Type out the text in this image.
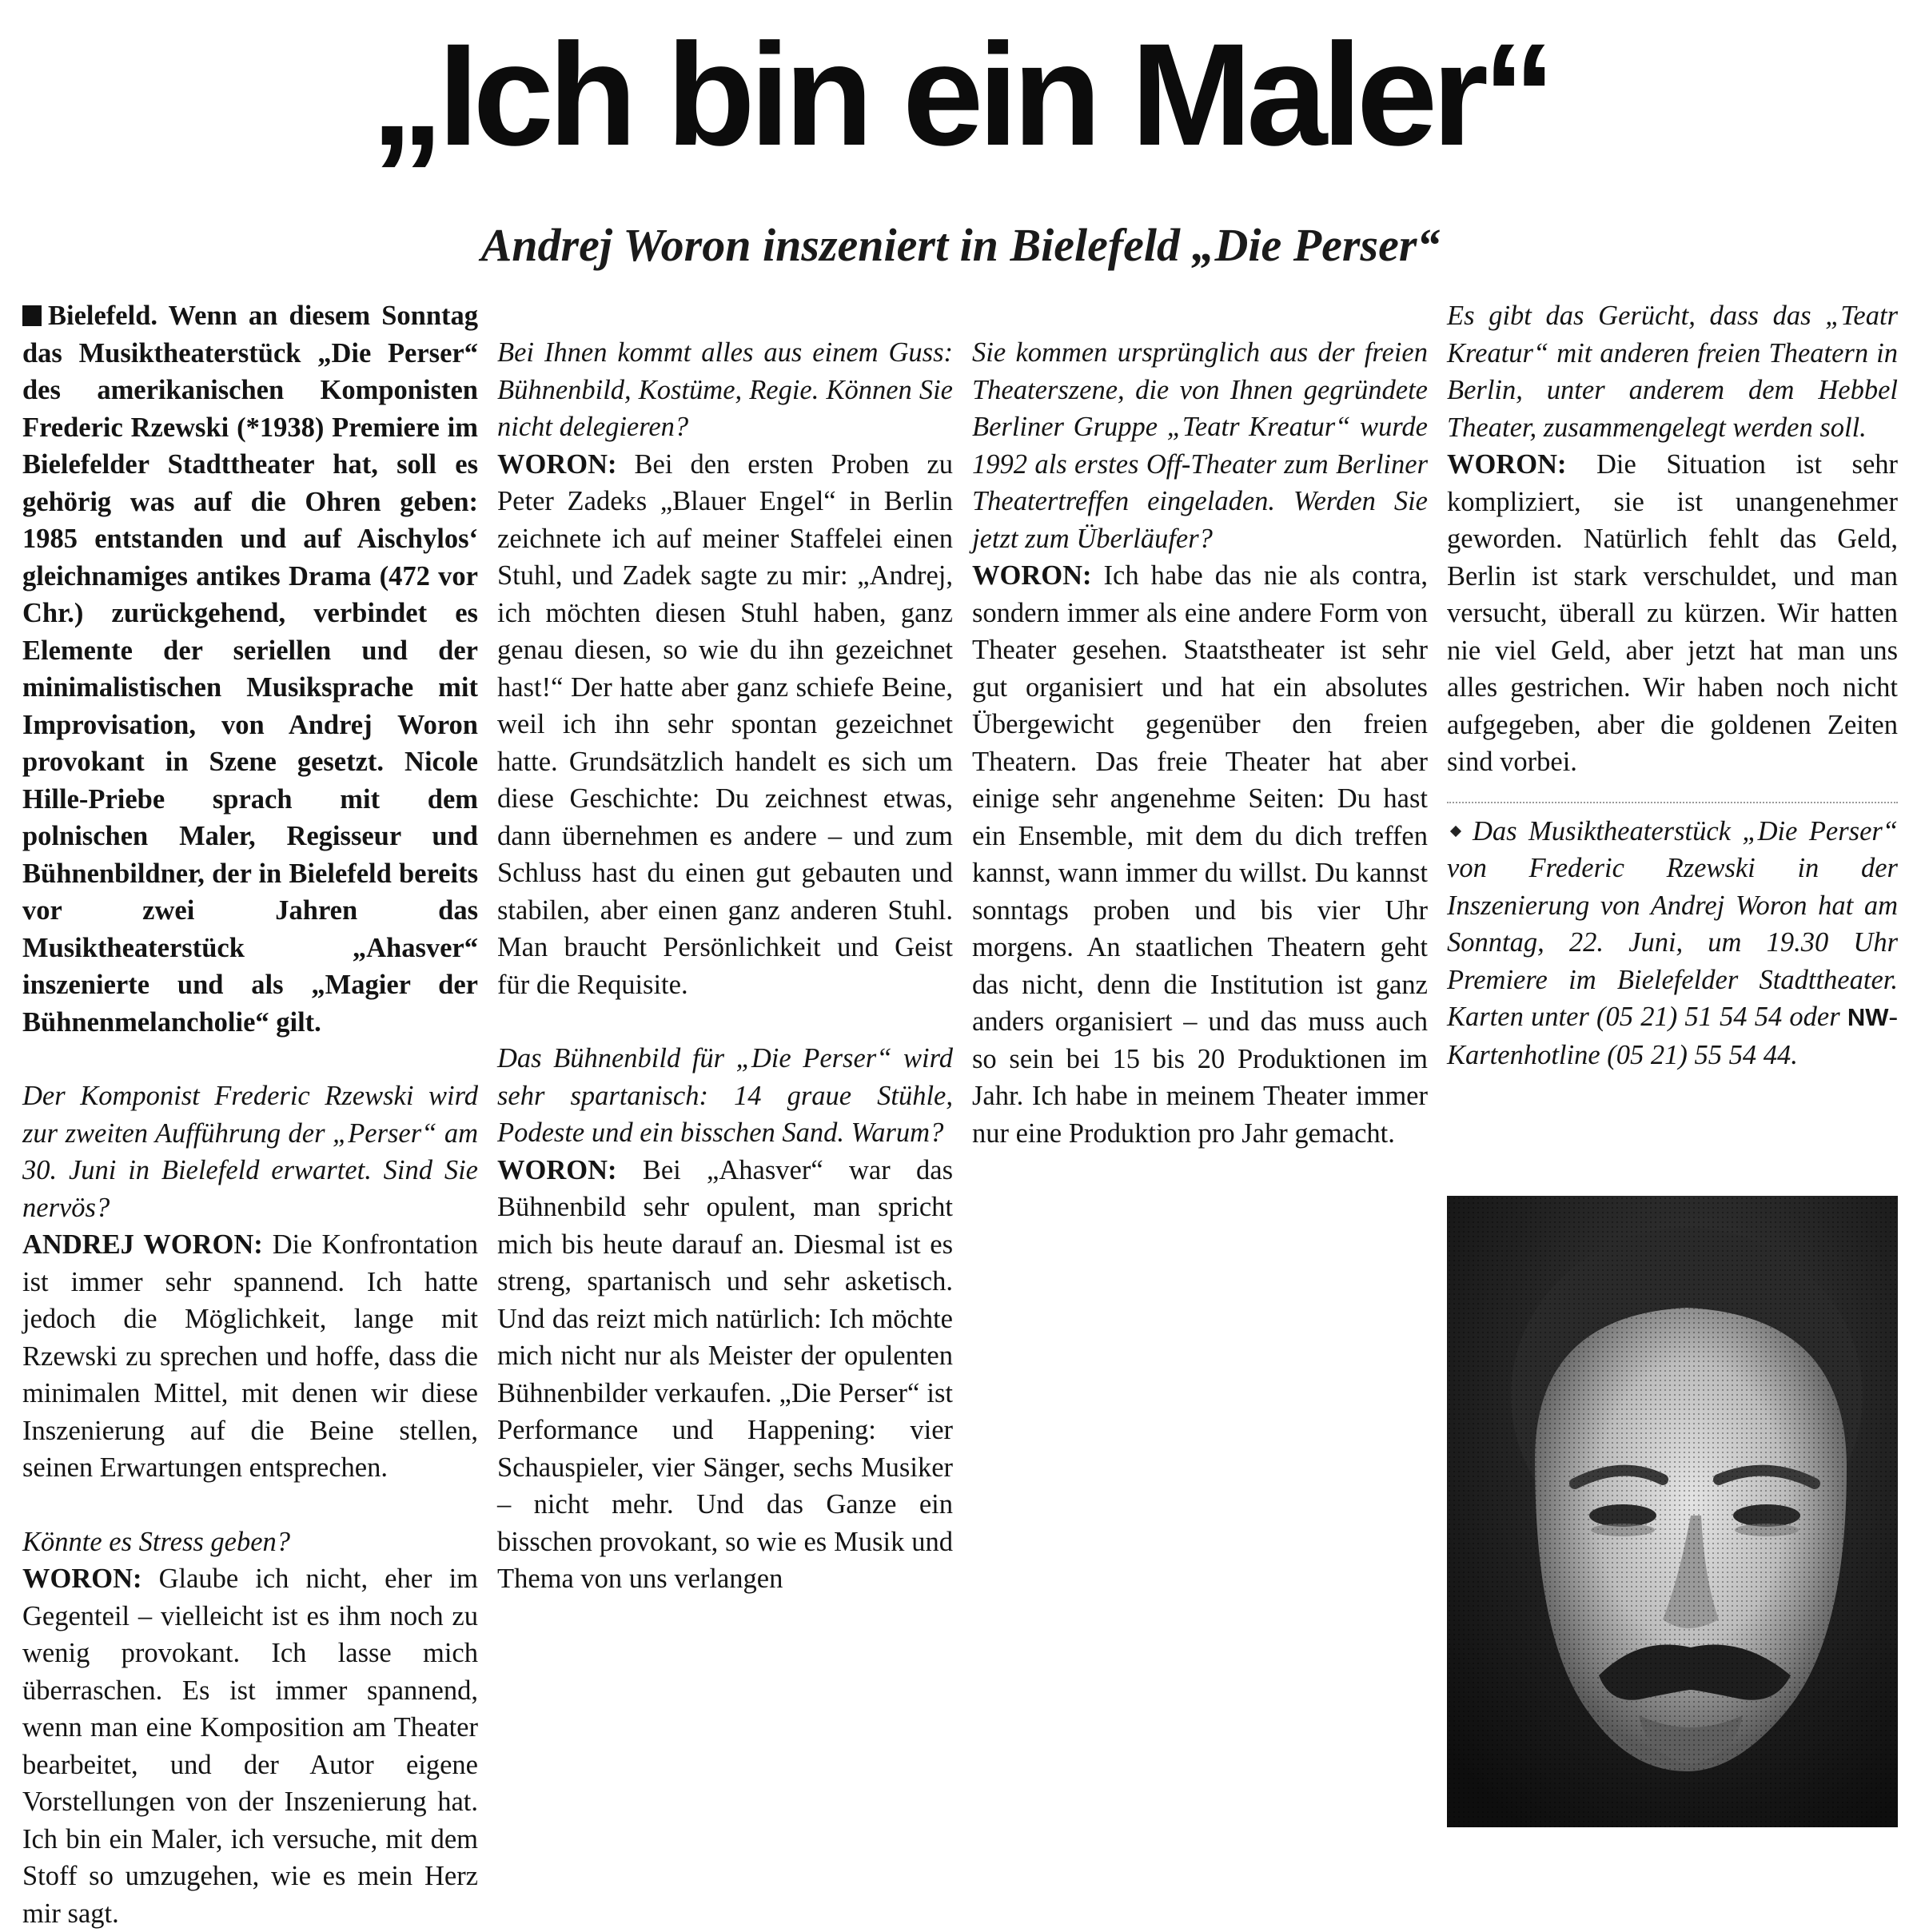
„Ich bin ein Maler“
Andrej Woron inszeniert in Bielefeld „Die Perser“

Bielefeld. Wenn an diesem Sonntag das Musiktheaterstück „Die Perser“ des amerikanischen Komponisten Frederic Rzewski (*1938) Premiere im Bielefelder Stadttheater hat, soll es gehörig was auf die Ohren geben: 1985 entstanden und auf Aischylos‘ gleichnamiges antikes Drama (472 vor Chr.) zurückgehend, verbindet es Elemente der seriellen und der minimalistischen Musiksprache mit Improvisation, von Andrej Woron provokant in Szene gesetzt. Nicole Hille-Priebe sprach mit dem polnischen Maler, Regisseur und Bühnenbildner, der in Bielefeld bereits vor zwei Jahren das Musiktheaterstück „Ahasver“ inszenierte und als „Magier der Bühnenmelancholie“ gilt.

Der Komponist Frederic Rzewski wird zur zweiten Aufführung der „Perser“ am 30. Juni in Bielefeld erwartet. Sind Sie nervös?

ANDREJ WORON: Die Konfrontation ist immer sehr spannend. Ich hatte jedoch die Möglichkeit, lange mit Rzewski zu sprechen und hoffe, dass die minimalen Mittel, mit denen wir diese Inszenierung auf die Beine stellen, seinen Erwartungen entsprechen.

Könnte es Stress geben?

WORON: Glaube ich nicht, eher im Gegenteil – vielleicht ist es ihm noch zu wenig provokant. Ich lasse mich überraschen. Es ist immer spannend, wenn man eine Komposition am Theater bearbeitet, und der Autor eigene Vorstellungen von der Inszenierung hat. Ich bin ein Maler, ich versuche, mit dem Stoff so umzugehen, wie es mein Herz mir sagt.

Bei Ihnen kommt alles aus einem Guss: Bühnenbild, Kostüme, Regie. Können Sie nicht delegieren?

WORON: Bei den ersten Proben zu Peter Zadeks „Blauer Engel“ in Berlin zeichnete ich auf meiner Staffelei einen Stuhl, und Zadek sagte zu mir: „Andrej, ich möchten diesen Stuhl haben, ganz genau diesen, so wie du ihn gezeichnet hast!“ Der hatte aber ganz schiefe Beine, weil ich ihn sehr spontan gezeichnet hatte. Grundsätzlich handelt es sich um diese Geschichte: Du zeichnest etwas, dann übernehmen es andere – und zum Schluss hast du einen gut gebauten und stabilen, aber einen ganz anderen Stuhl. Man braucht Persönlichkeit und Geist für die Requisite.

Das Bühnenbild für „Die Perser“ wird sehr spartanisch: 14 graue Stühle, Podeste und ein bisschen Sand. Warum?

WORON: Bei „Ahasver“ war das Bühnenbild sehr opulent, man spricht mich bis heute darauf an. Diesmal ist es streng, spartanisch und sehr asketisch. Und das reizt mich natürlich: Ich möchte mich nicht nur als Meister der opulenten Bühnenbilder verkaufen. „Die Perser“ ist Performance und Happening: vier Schauspieler, vier Sänger, sechs Musiker – nicht mehr. Und das Ganze ein bisschen provokant, so wie es Musik und Thema von uns verlangen

Sie kommen ursprünglich aus der freien Theaterszene, die von Ihnen gegründete Berliner Gruppe „Teatr Kreatur“ wurde 1992 als erstes Off-Theater zum Berliner Theatertreffen eingeladen. Werden Sie jetzt zum Überläufer?

WORON: Ich habe das nie als contra, sondern immer als eine andere Form von Theater gesehen. Staatstheater ist sehr gut organisiert und hat ein absolutes Übergewicht gegenüber den freien Theatern. Das freie Theater hat aber einige sehr angenehme Seiten: Du hast ein Ensemble, mit dem du dich treffen kannst, wann immer du willst. Du kannst sonntags proben und bis vier Uhr morgens. An staatlichen Theatern geht das nicht, denn die Institution ist ganz anders organisiert – und das muss auch so sein bei 15 bis 20 Produktionen im Jahr. Ich habe in meinem Theater immer nur eine Produktion pro Jahr gemacht.

Es gibt das Gerücht, dass das „Teatr Kreatur“ mit anderen freien Theatern in Berlin, unter anderem dem Hebbel Theater, zusammengelegt werden soll.

WORON: Die Situation ist sehr kompliziert, sie ist unangenehmer geworden. Natürlich fehlt das Geld, Berlin ist stark verschuldet, und man versucht, überall zu kürzen. Wir hatten nie viel Geld, aber jetzt hat man uns alles gestrichen. Wir haben noch nicht aufgegeben, aber die goldenen Zeiten sind vorbei.

Das Musiktheaterstück „Die Perser“ von Frederic Rzewski in der Inszenierung von Andrej Woron hat am Sonntag, 22. Juni, um 19.30 Uhr Premiere im Bielefelder Stadttheater. Karten unter (05 21) 51 54 54 oder NW-Kartenhotline (05 21) 55 54 44.
